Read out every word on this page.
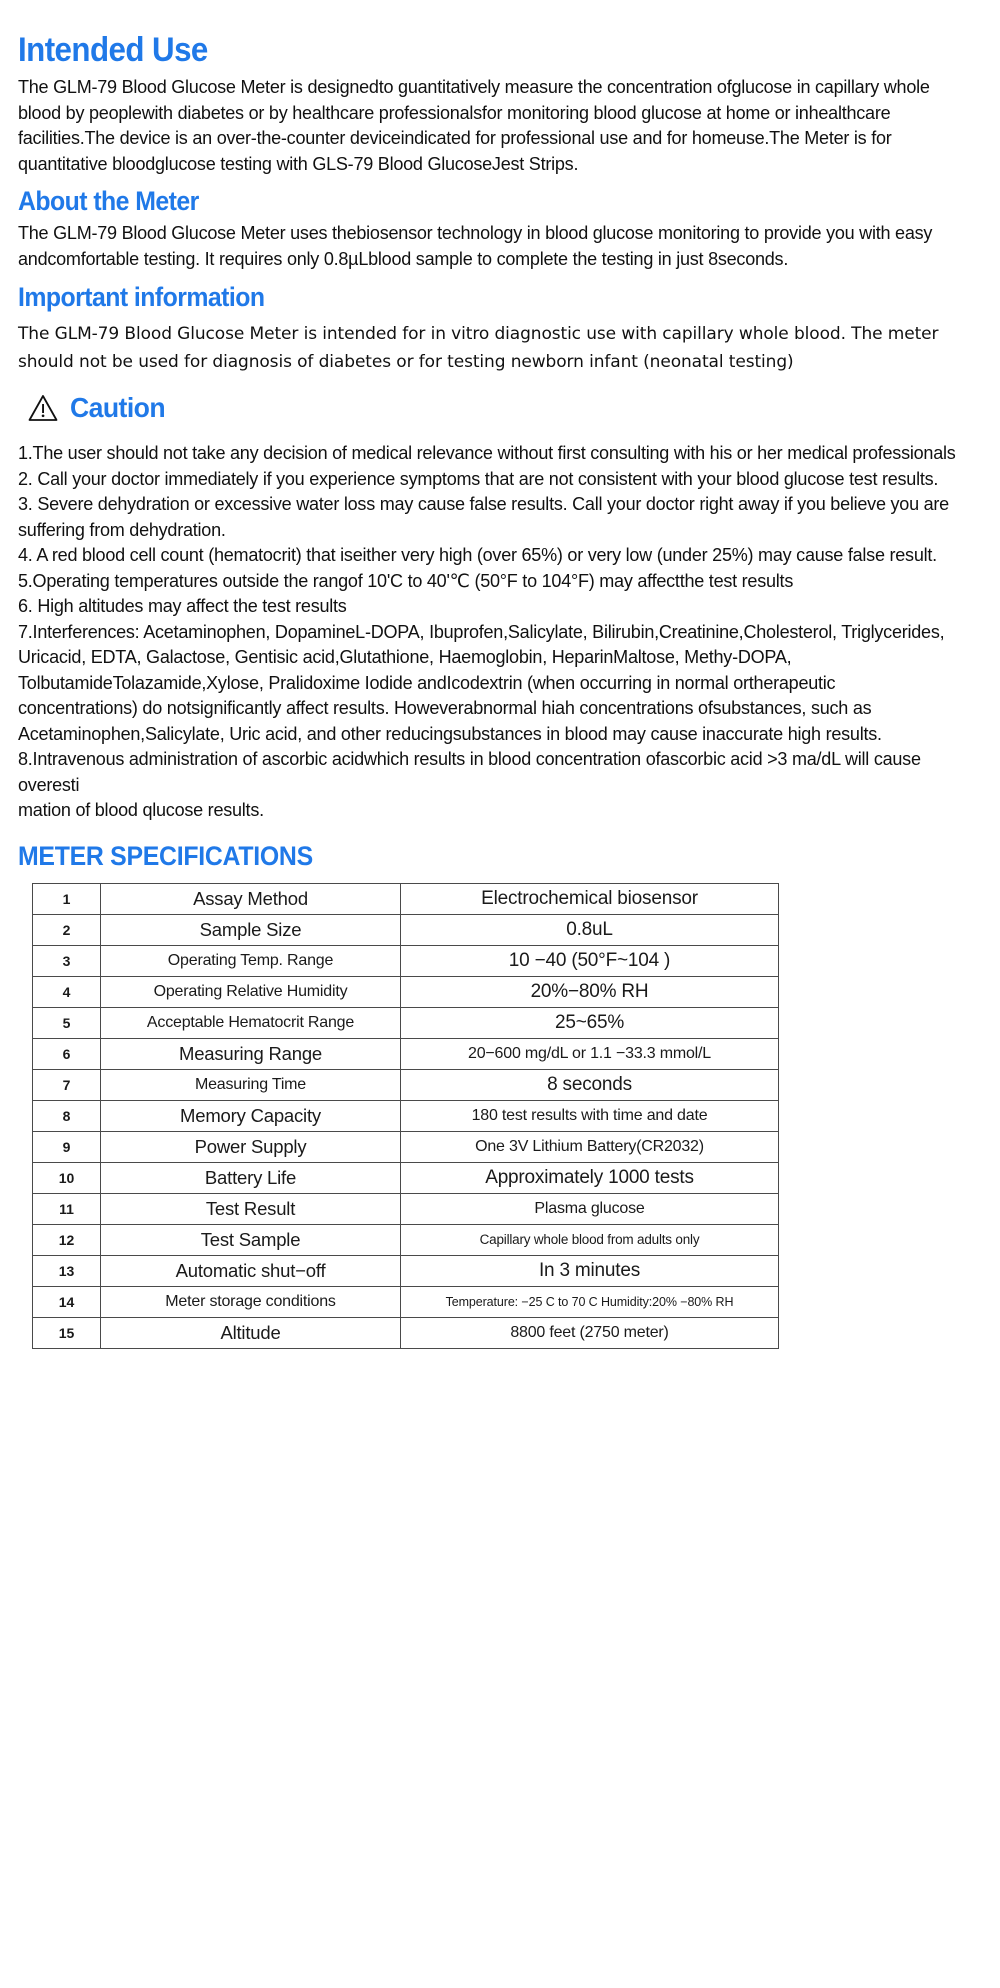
Intended Use

The GLM-79 Blood Glucose Meter is designedto guantitatively measure the concentration ofglucose in capillary whole blood by peoplewith diabetes or by healthcare professionalsfor monitoring blood glucose at home or inhealthcare facilities.The device is an over-the-counter deviceindicated for professional use and for homeuse.The Meter is for quantitative bloodglucose testing with GLS-79 Blood GlucoseJest Strips.

About the Meter

The GLM-79 Blood Glucose Meter uses thebiosensor technology in blood glucose monitoring to provide you with easy andcomfortable testing. It requires only 0.8µLblood sample to complete the testing in just 8seconds.

Important information

The GLM-79 Blood Glucose Meter is intended for in vitro diagnostic use with capillary whole blood. The meter should not be used for diagnosis of diabetes or for testing newborn infant (neonatal testing)

Caution

1.The user should not take any decision of medical relevance without first consulting with his or her medical professionals

2. Call your doctor immediately if you experience symptoms that are not consistent with your blood glucose test results.

3. Severe dehydration or excessive water loss may cause false results. Call your doctor right away if you believe you are suffering from dehydration.

4. A red blood cell count (hematocrit) that iseither very high (over 65%) or very low (under 25%) may cause false result.

5.Operating temperatures outside the rangof 10'C to 40'℃ (50°F to 104°F) may affectthe test results

6. High altitudes may affect the test results

7.Interferences: Acetaminophen, DopamineL-DOPA, Ibuprofen,Salicylate, Bilirubin,Creatinine,Cholesterol, Triglycerides, Uricacid, EDTA, Galactose, Gentisic acid,Glutathione, Haemoglobin, HeparinMaltose, Methy-DOPA, TolbutamideTolazamide,Xylose, Pralidoxime Iodide andIcodextrin (when occurring in normal ortherapeutic concentrations) do notsignificantly affect results. Howeverabnormal hiah concentrations ofsubstances, such as Acetaminophen,Salicylate, Uric acid, and other reducingsubstances in blood may cause inaccurate high results.

8.Intravenous administration of ascorbic acidwhich results in blood concentration ofascorbic acid >3 ma/dL will cause overesti

mation of blood qlucose results.

METER SPECIFICATIONS
1	Assay Method	Electrochemical biosensor
2	Sample Size	0.8uL
3	Operating Temp. Range	10 −40 (50°F~104 )
4	Operating Relative Humidity	20%−80% RH
5	Acceptable Hematocrit Range	25~65%
6	Measuring Range	20−600 mg/dL or 1.1 −33.3 mmol/L
7	Measuring Time	8 seconds
8	Memory Capacity	180 test results with time and date
9	Power Supply	One 3V Lithium Battery(CR2032)
10	Battery Life	Approximately 1000 tests
11	Test Result	Plasma glucose
12	Test Sample	Capillary whole blood from adults only
13	Automatic shut−off	In 3 minutes
14	Meter storage conditions	Temperature: −25 C to 70 C Humidity:20% −80% RH
15	Altitude	8800 feet (2750 meter)
